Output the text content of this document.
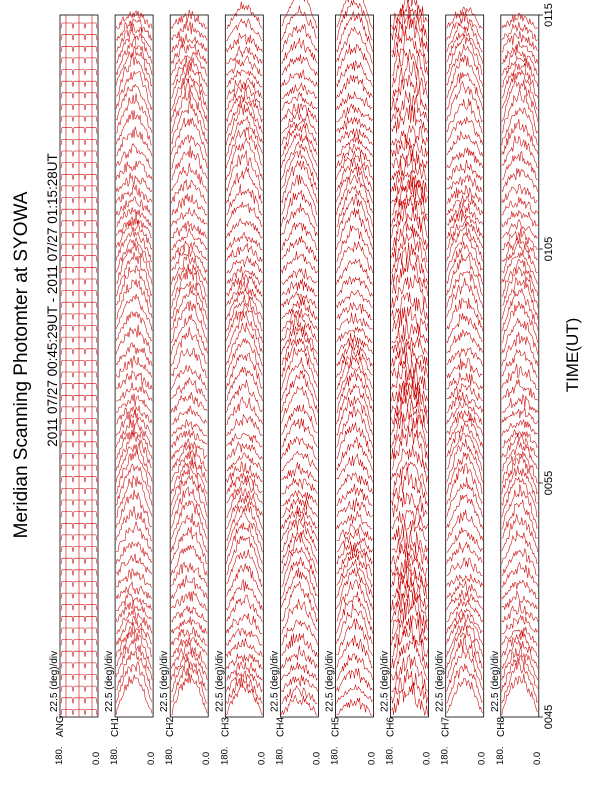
ANG
22.5 (deg)/div
180.	0.0
CH1
22.5 (deg)/div
180.	0.0
CH2
22.5 (deg)/div
180.	0.0
CH3
22.5 (deg)/div
180.	0.0
CH4
22.5 (deg)/div
180.	0.0
CH5
22.5 (deg)/div
180.	0.0
CH6
22.5 (deg)/div
180.	0.0
CH7
22.5 (deg)/div
180.	0.0
CH8
22.5 (deg)/div
180.	0.0
Meridian Scanning Photomter at SYOWA 2011 07/27 00:45:29UT - 2011 07/27 01:15:28UT	TIME(UT)
0045
0055
0105
0115
